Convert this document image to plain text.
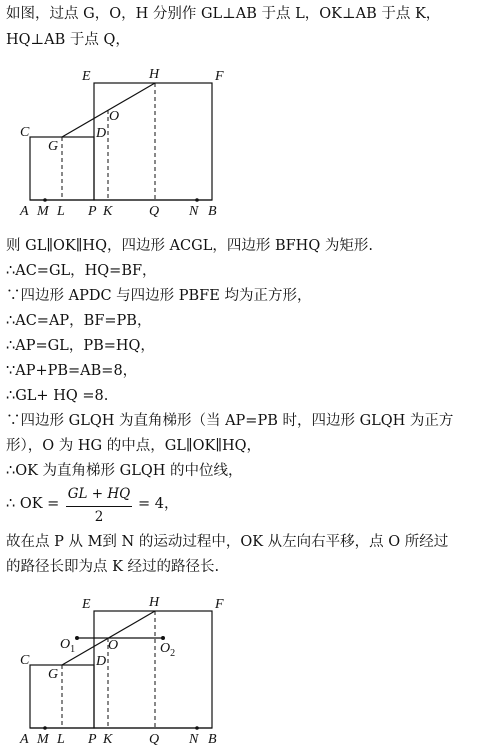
如图，过点 G，O，H 分别作 GL⊥AB 于点 L，OK⊥AB 于点 K，
HQ⊥AB 于点 Q，
E	H	F
O
C	D
G
A M L P K	Q N B
则 GL∥OK∥HQ，四边形 ACGL，四边形 BFHQ 为矩形.
∴AC=GL，HQ=BF，
∵四边形 APDC 与四边形 PBFE 均为正方形，
∴AC=AP，BF=PB，
∴AP=GL，PB=HQ，
∵AP+PB=AB=8，
∴GL+ HQ =8.
∵四边形 GLQH 为直角梯形（当 AP=PB 时，四边形 GLQH 为正方
形），O 为 HG 的中点，GL∥OK∥HQ，
∴OK 为直角梯形 GLQH 的中位线，
∴ OK =
GL + HQ
2
= 4，
故在点 P 从 M到 N 的运动过程中，OK 从左向右平移，点 O 所经过
的路径长即为点 K 经过的路径长.
E	H	F
$O_1$ O	$O_2$
C	D
G
A M L P K	Q N B
